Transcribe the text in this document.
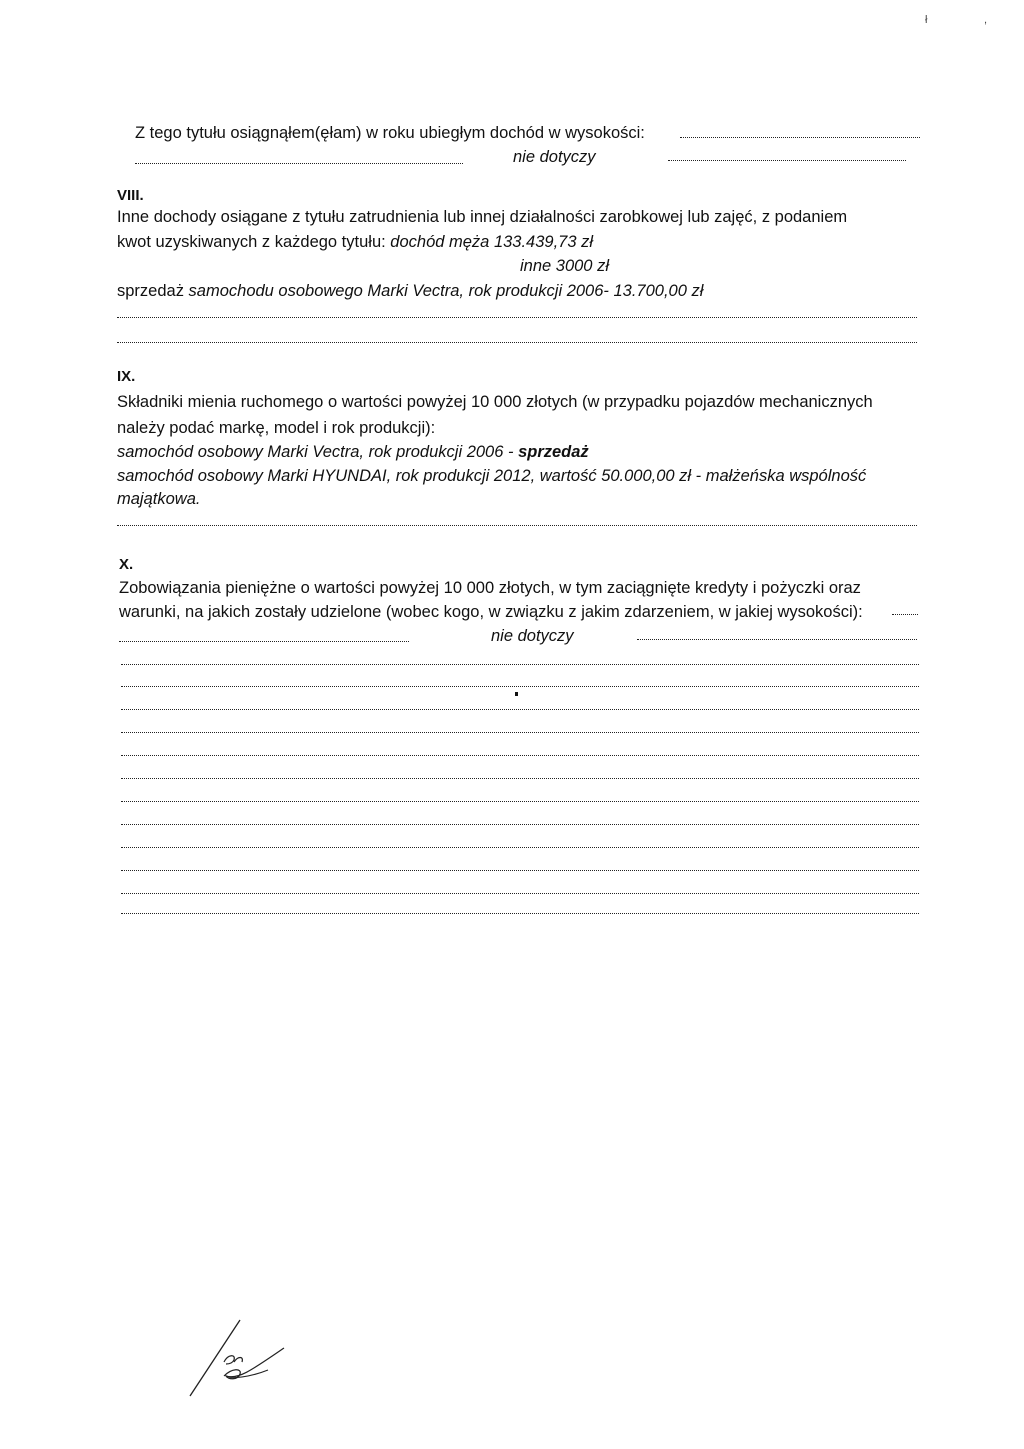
ł	,
Z tego tytułu osiągnąłem(ęłam) w roku ubiegłym dochód w wysokości:
nie dotyczy
VIII.
Inne dochody osiągane z tytułu zatrudnienia lub innej działalności zarobkowej lub zajęć, z podaniem
kwot uzyskiwanych z każdego tytułu: dochód męża 133.439,73 zł
inne 3000 zł
sprzedaż samochodu osobowego Marki Vectra, rok produkcji 2006- 13.700,00 zł
IX.
Składniki mienia ruchomego o wartości powyżej 10 000 złotych (w przypadku pojazdów mechanicznych
należy podać markę, model i rok produkcji):
samochód osobowy Marki Vectra, rok produkcji 2006 - sprzedaż
samochód osobowy Marki HYUNDAI, rok produkcji 2012, wartość 50.000,00 zł - małżeńska wspólność
majątkowa.
X.
Zobowiązania pieniężne o wartości powyżej 10 000 złotych, w tym zaciągnięte kredyty i pożyczki oraz
warunki, na jakich zostały udzielone (wobec kogo, w związku z jakim zdarzeniem, w jakiej wysokości):
nie dotyczy
